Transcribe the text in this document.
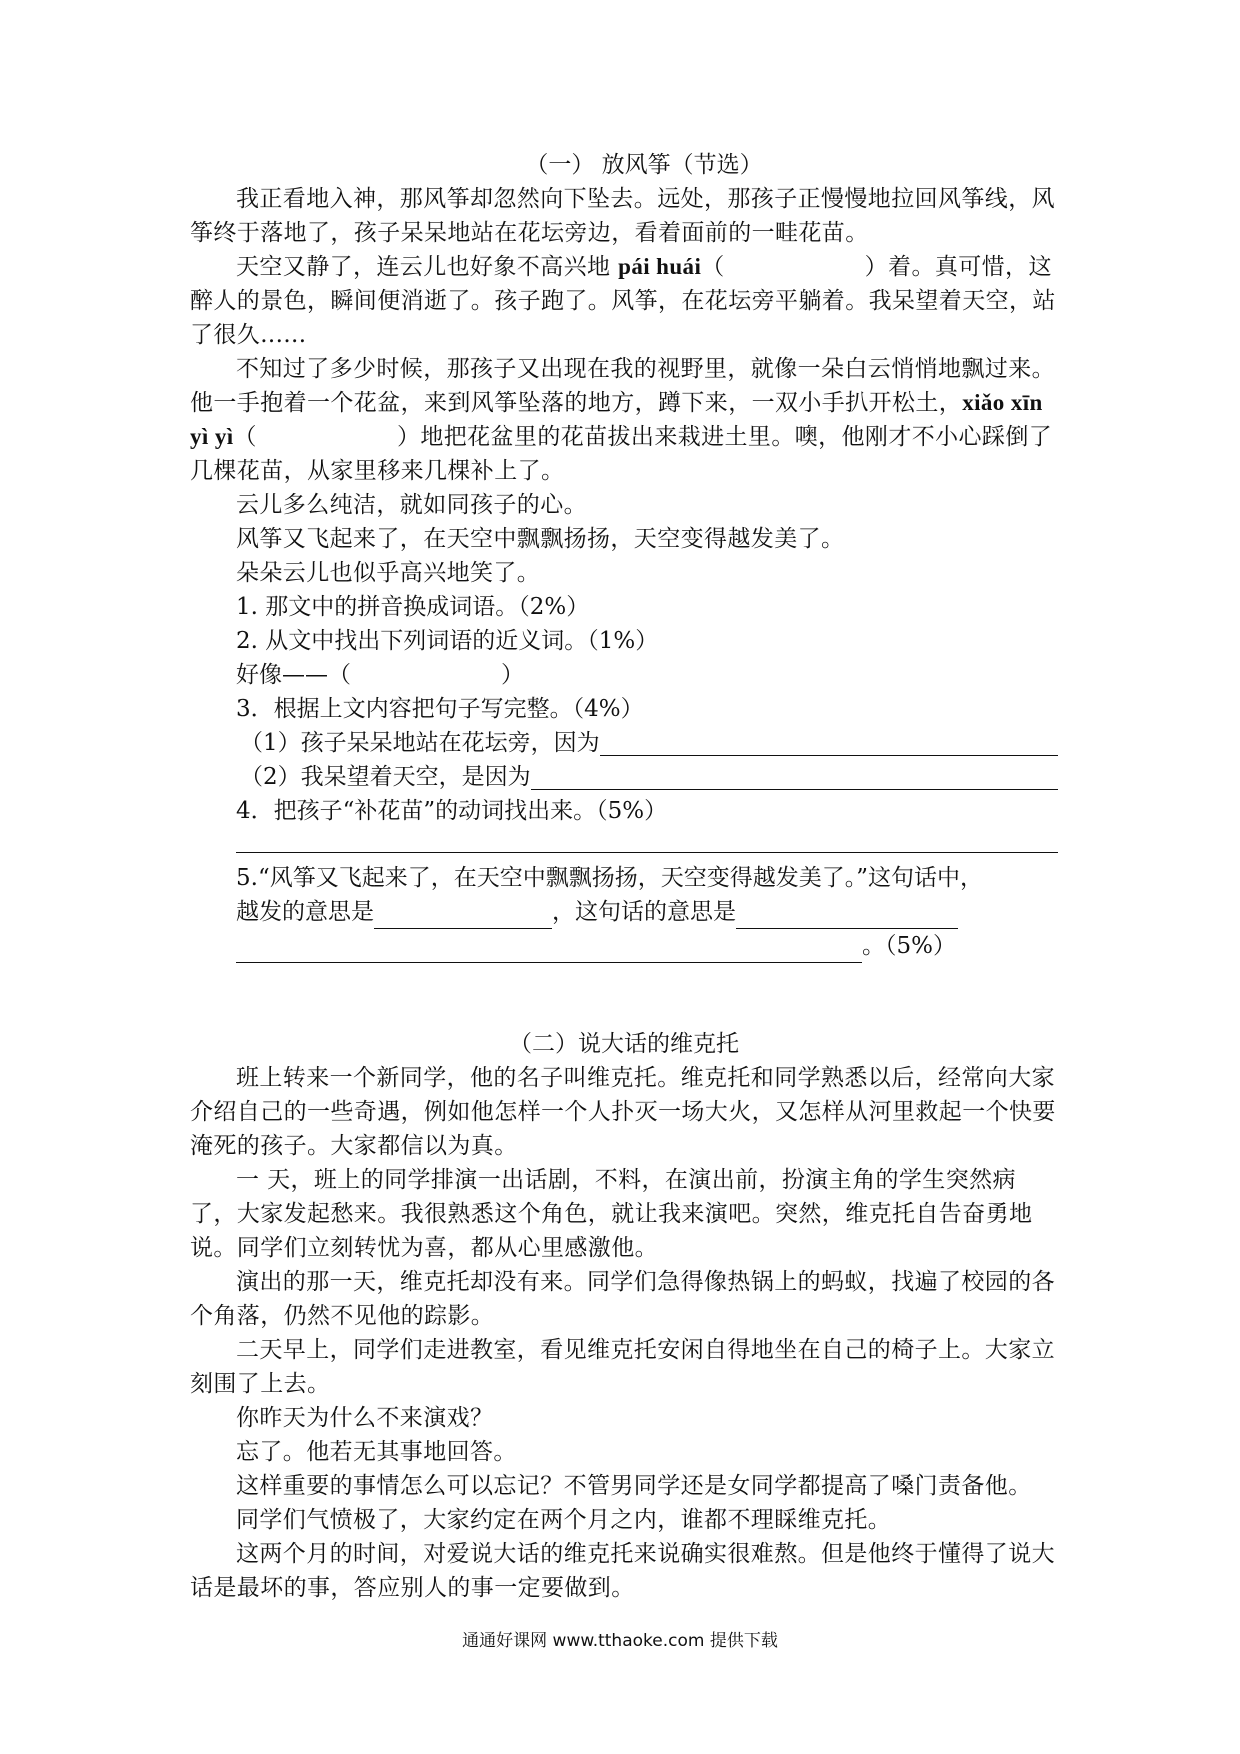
（一） 放风筝（节选）

我正看地入神，那风筝却忽然向下坠去。远处，那孩子正慢慢地拉回风筝线，风筝终于落地了，孩子呆呆地站在花坛旁边，看着面前的一畦花苗。

天空又静了，连云儿也好象不高兴地 pái huái（	）着。真可惜，这醉人的景色，瞬间便消逝了。孩子跑了。风筝，在花坛旁平躺着。我呆望着天空，站了很久......

不知过了多少时候，那孩子又出现在我的视野里，就像一朵白云悄悄地飘过来。他一手抱着一个花盆，来到风筝坠落的地方，蹲下来，一双小手扒开松土，xiǎo xīn yì yì（	）地把花盆里的花苗拔出来栽进土里。噢，他刚才不小心踩倒了几棵花苗，从家里移来几棵补上了。

云儿多么纯洁，就如同孩子的心。

风筝又飞起来了，在天空中飘飘扬扬，天空变得越发美了。

朵朵云儿也似乎高兴地笑了。

1. 那文中的拼音换成词语。（2%）

2. 从文中找出下列词语的近义词。（1%）

好像——（	）

3．根据上文内容把句子写完整。（4%）

（1）孩子呆呆地站在花坛旁，因为
（2）我呆望着天空，是因为

4．把孩子“补花苗”的动词找出来。（5%）

5.“风筝又飞起来了，在天空中飘飘扬扬，天空变得越发美了。”这句话中，

越发的意思是	，这句话的意思是

。（5%）

（二）说大话的维克托

班上转来一个新同学，他的名子叫维克托。维克托和同学熟悉以后，经常向大家介绍自己的一些奇遇，例如他怎样一个人扑灭一场大火，又怎样从河里救起一个快要淹死的孩子。大家都信以为真。

一 天，班上的同学排演一出话剧，不料，在演出前，扮演主角的学生突然病了，大家发起愁来。我很熟悉这个角色，就让我来演吧。突然，维克托自告奋勇地说。同学们立刻转忧为喜，都从心里感激他。

演出的那一天，维克托却没有来。同学们急得像热锅上的蚂蚁，找遍了校园的各个角落，仍然不见他的踪影。

二天早上，同学们走进教室，看见维克托安闲自得地坐在自己的椅子上。大家立刻围了上去。

你昨天为什么不来演戏？

忘了。他若无其事地回答。

这样重要的事情怎么可以忘记？不管男同学还是女同学都提高了嗓门责备他。

同学们气愤极了，大家约定在两个月之内，谁都不理睬维克托。

这两个月的时间，对爱说大话的维克托来说确实很难熬。但是他终于懂得了说大话是最坏的事，答应别人的事一定要做到。

通通好课网 www.tthaoke.com 提供下载
